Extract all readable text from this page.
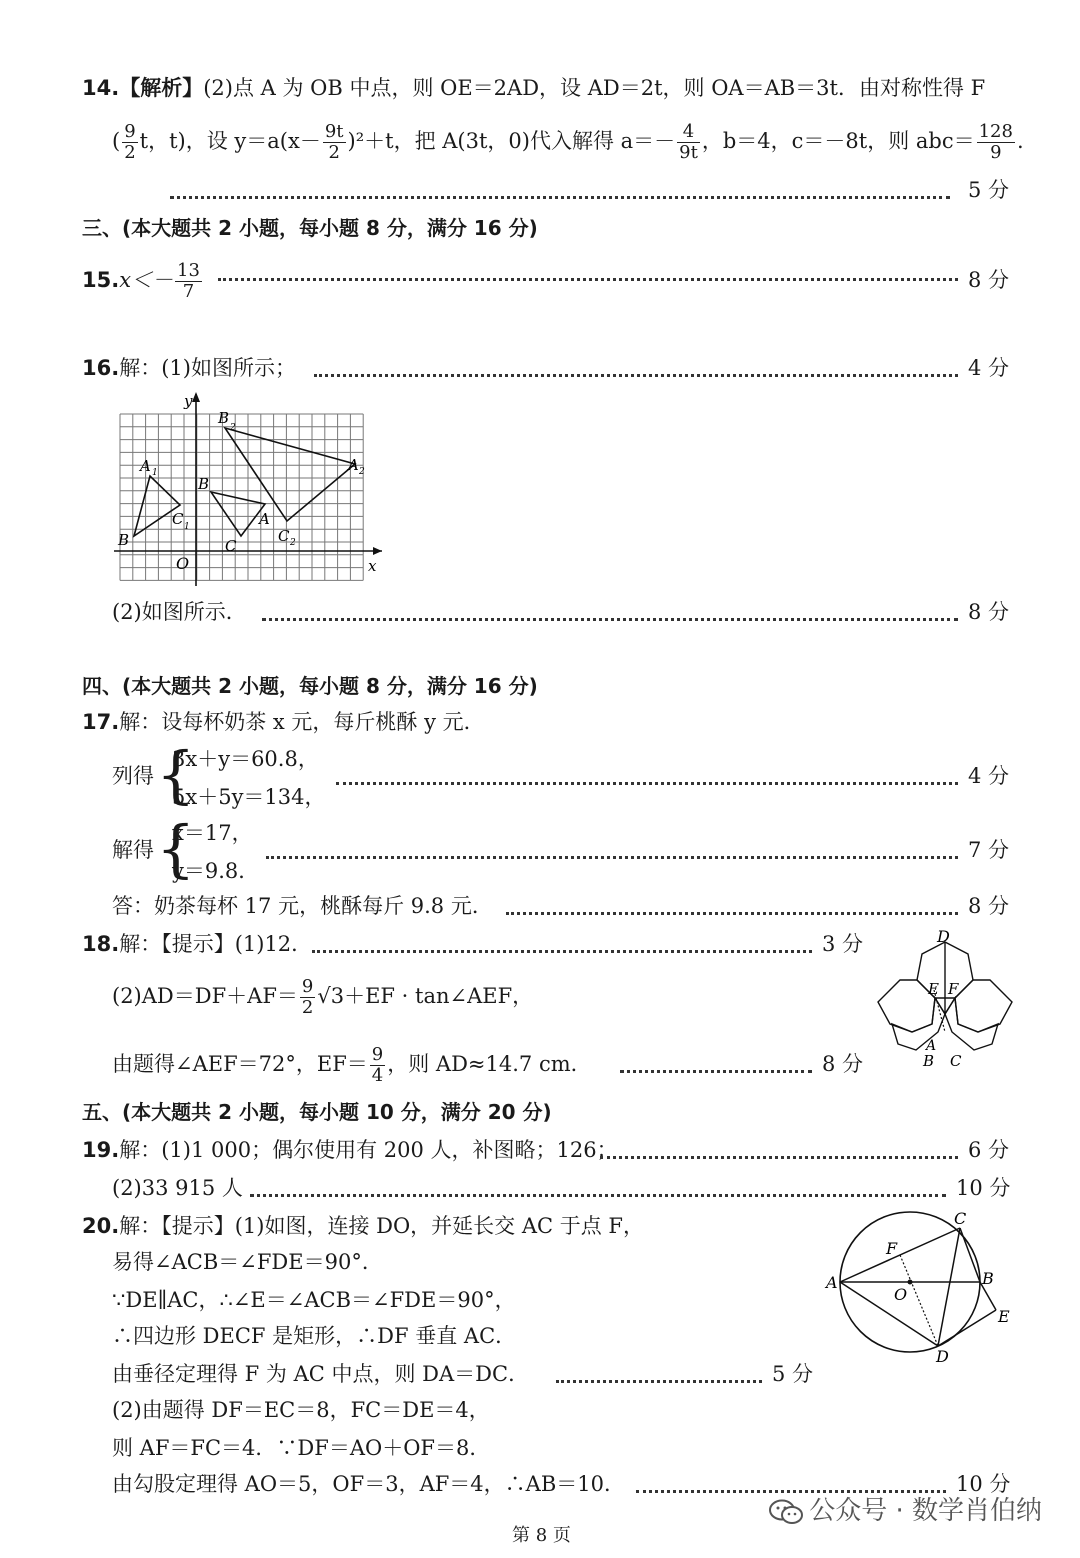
14.【解析】(2)点 A 为 OB 中点，则 OE＝2AD，设 AD＝2t，则 OA＝AB＝3t．由对称性得 F
( $\frac{9}{2}$ t，t)，设 $y=a(x- \frac{9t}{2} )^2+t$，把 A(3t，0)代入解得 $a=- \frac{4}{9t}$ ，b＝4，c＝－8t，则 $abc= \frac{128}{9}$ .
5 分
三、(本大题共 2 小题，每小题 8 分，满分 16 分)
$15.x<- \frac{13}{7}$	8 分
16.解：(1)如图所示；	4 分
y
x
O
A 1
B
C 1
B
A
C
B
2
A 2
C 2
(2)如图所示．	8 分
四、(本大题共 2 小题，每小题 8 分，满分 16 分)
17.解：设每杯奶茶 x 元，每斤桃酥 y 元．
列得 {
3x＋y＝60.8，
5x＋5y＝134，
4 分
解得 {
x＝17，
y＝9.8．
7 分
答：奶茶每杯 17 元，桃酥每斤 9.8 元．	8 分
18.解：【提示】(1)12．	3 分
$(2)AD=DF+AF= \frac{9}{2} √3+EF$ · tan∠AEF，
由题得∠AEF＝72°，$EF= \frac{9}{4}$ ，则 AD≈14.7 cm．	8 分
D
E F
A
B C
五、(本大题共 2 小题，每小题 10 分，满分 20 分)
19.解：(1)1 000；偶尔使用有 200 人，补图略；126；	6 分
(2)33 915 人	10 分
20.解：【提示】(1)如图，连接 DO，并延长交 AC 于点 F，
易得∠ACB＝∠FDE＝90°．
∵DE∥AC，∴∠E＝∠ACB＝∠FDE＝90°，
∴四边形 DECF 是矩形，∴DF 垂直 AC．
由垂径定理得 F 为 AC 中点，则 DA＝DC．	5 分
(2)由题得 DF＝EC＝8，FC＝DE＝4，
则 AF＝FC＝4．∵DF＝AO＋OF＝8．
由勾股定理得 AO＝5，OF＝3，AF＝4，∴AB＝10．	10 分
C
A	B
D
E
F
O
第 8 页
公众号 · 数学肖伯纳
